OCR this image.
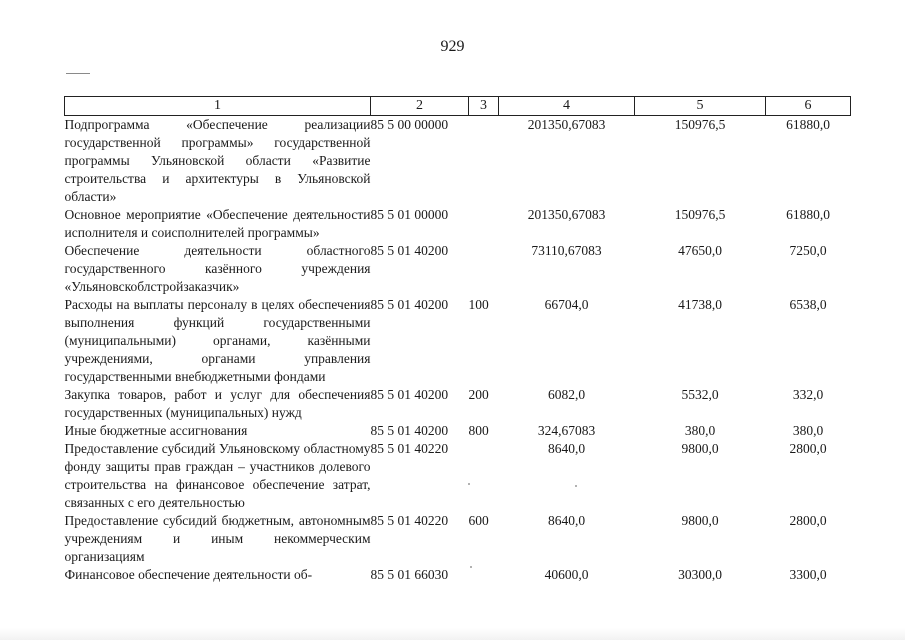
929
1	2	3	4	5	6
Подпрограмма «Обеспечение реализации государственной программы» государственной программы Ульяновской области «Развитие строительства и архитектуры в Ульяновской области»	85 5 00 00000		201350,67083	150976,5	61880,0
Основное мероприятие «Обеспечение деятельности исполнителя и соисполнителей программы»	85 5 01 00000		201350,67083	150976,5	61880,0
Обеспечение деятельности областного государственного казённого учреждения «Ульяновскоблстройзаказчик»	85 5 01 40200		73110,67083	47650,0	7250,0
Расходы на выплаты персоналу в целях обеспечения выполнения функций государственными (муниципальными) органами, казёнными учреждениями, органами управления государственными внебюджетными фондами	85 5 01 40200	100	66704,0	41738,0	6538,0
Закупка товаров, работ и услуг для обеспечения государственных (муниципальных) нужд	85 5 01 40200	200	6082,0	5532,0	332,0
Иные бюджетные ассигнования	85 5 01 40200	800	324,67083	380,0	380,0
Предоставление субсидий Ульяновскому областному фонду защиты прав граждан – участников долевого строительства на финансовое обеспечение затрат, связанных с его деятельностью	85 5 01 40220		8640,0	9800,0	2800,0
Предоставление субсидий бюджетным, автономным учреждениям и иным некоммерческим организациям	85 5 01 40220	600	8640,0	9800,0	2800,0
Финансовое обеспечение деятельности об-	85 5 01 66030		40600,0	30300,0	3300,0
